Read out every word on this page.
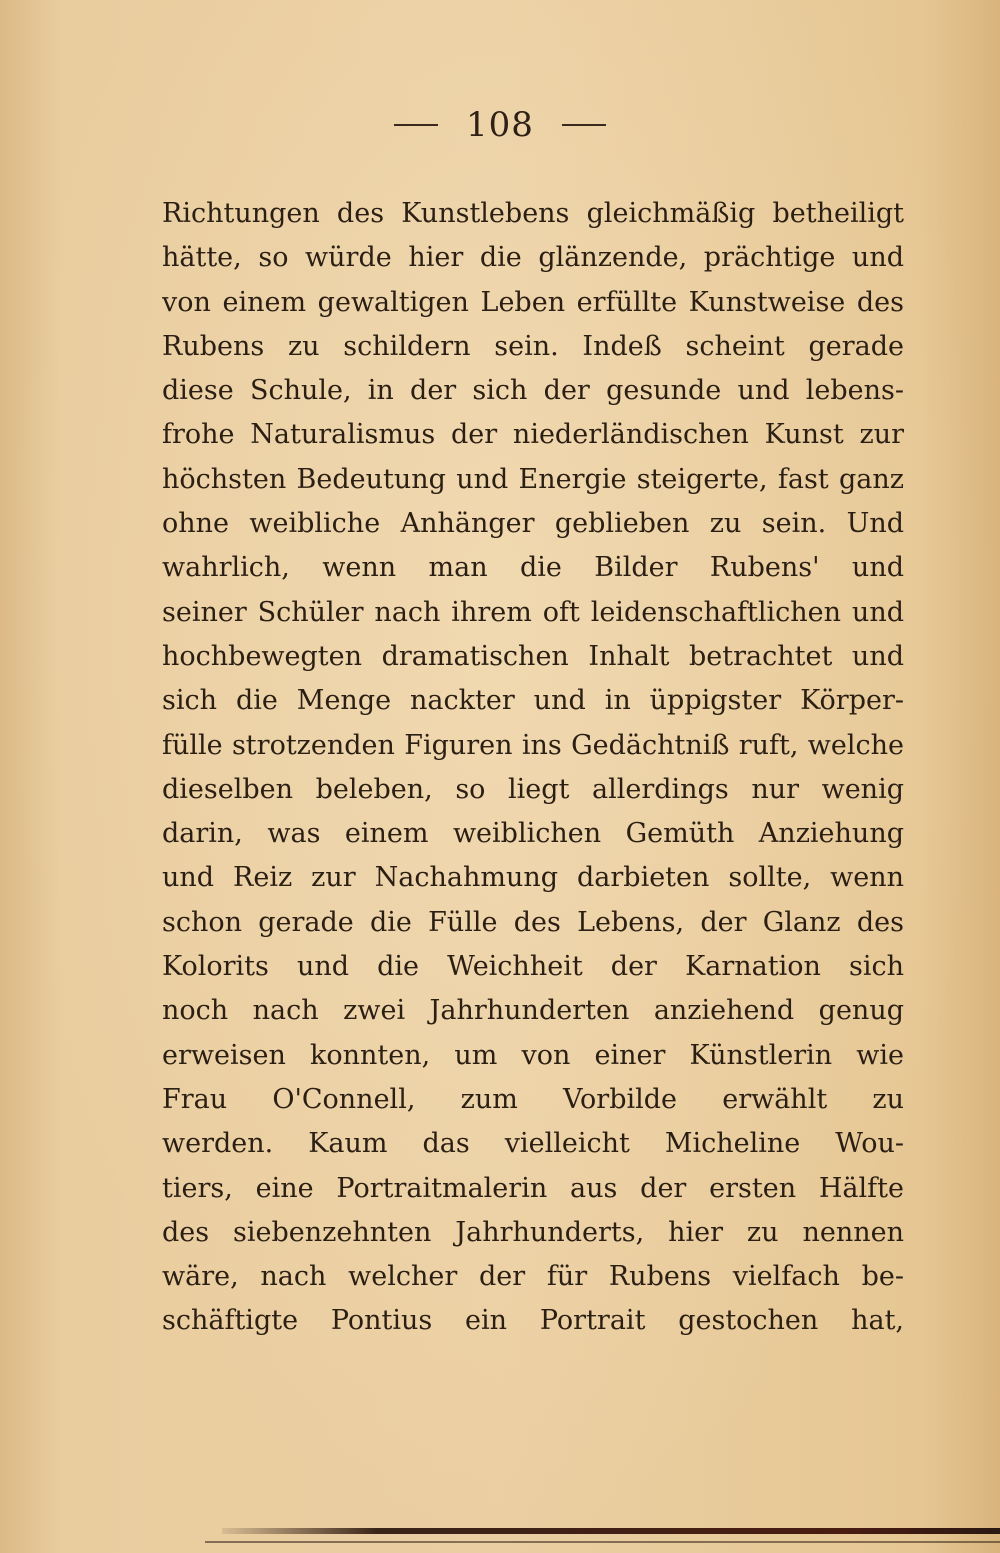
108
Richtungen des Kunstlebens gleichmäßig betheiligt
hätte, so würde hier die glänzende, prächtige und
von einem gewaltigen Leben erfüllte Kunstweise des
Rubens zu schildern sein. Indeß scheint gerade
diese Schule, in der sich der gesunde und lebens-
frohe Naturalismus der niederländischen Kunst zur
höchsten Bedeutung und Energie steigerte, fast ganz
ohne weibliche Anhänger geblieben zu sein. Und
wahrlich, wenn man die Bilder Rubens' und
seiner Schüler nach ihrem oft leidenschaftlichen und
hochbewegten dramatischen Inhalt betrachtet und
sich die Menge nackter und in üppigster Körper-
fülle strotzenden Figuren ins Gedächtniß ruft, welche
dieselben beleben, so liegt allerdings nur wenig
darin, was einem weiblichen Gemüth Anziehung
und Reiz zur Nachahmung darbieten sollte, wenn
schon gerade die Fülle des Lebens, der Glanz des
Kolorits und die Weichheit der Karnation sich
noch nach zwei Jahrhunderten anziehend genug
erweisen konnten, um von einer Künstlerin wie
Frau O'Connell, zum Vorbilde erwählt zu
werden. Kaum das vielleicht Micheline Wou-
tiers, eine Portraitmalerin aus der ersten Hälfte
des siebenzehnten Jahrhunderts, hier zu nennen
wäre, nach welcher der für Rubens vielfach be-
schäftigte Pontius ein Portrait gestochen hat,
